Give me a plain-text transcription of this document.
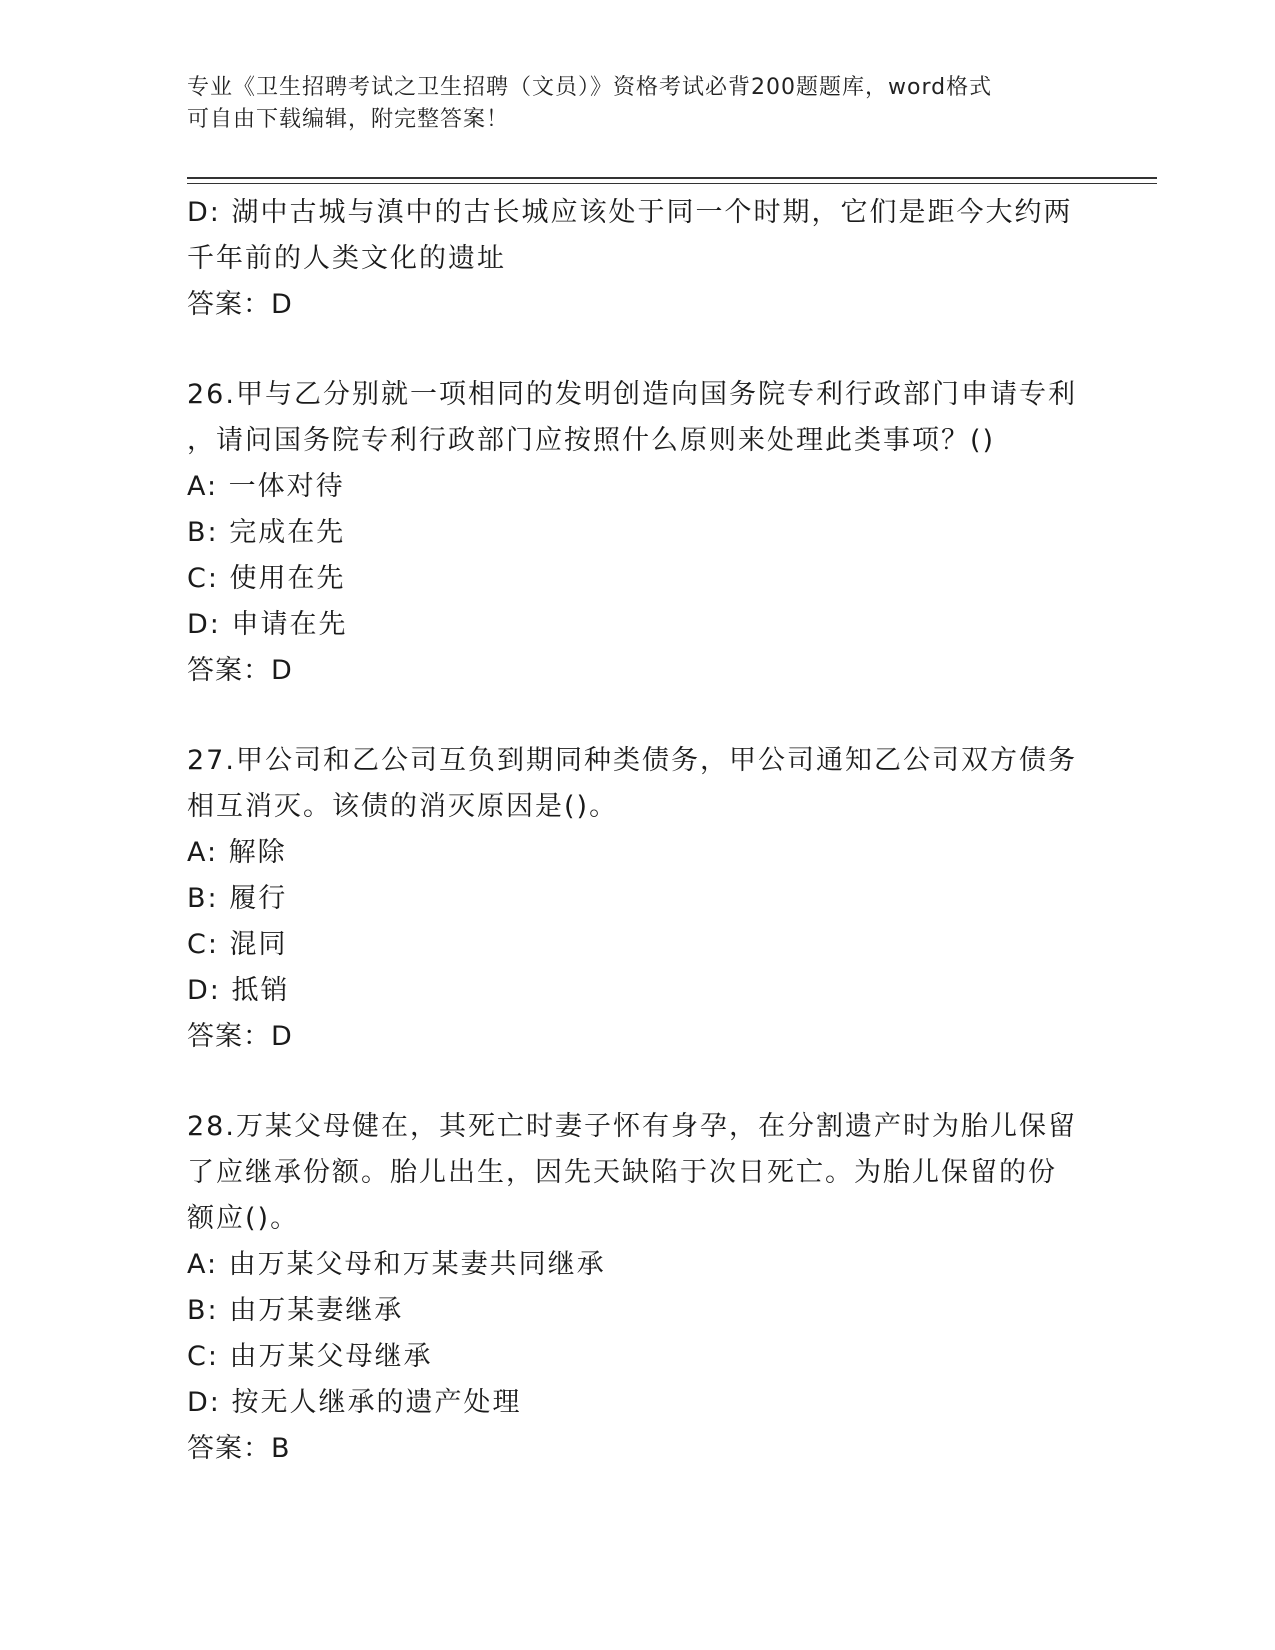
专业《卫生招聘考试之卫生招聘（文员）》资格考试必背200题题库，word格式
可自由下载编辑，附完整答案！
D: 湖中古城与滇中的古长城应该处于同一个时期，它们是距今大约两
千年前的人类文化的遗址
答案：D
26.甲与乙分别就一项相同的发明创造向国务院专利行政部门申请专利
，请问国务院专利行政部门应按照什么原则来处理此类事项？()
A: 一体对待
B: 完成在先
C: 使用在先
D: 申请在先
答案：D
27.甲公司和乙公司互负到期同种类债务，甲公司通知乙公司双方债务
相互消灭。该债的消灭原因是()。
A: 解除
B: 履行
C: 混同
D: 抵销
答案：D
28.万某父母健在，其死亡时妻子怀有身孕，在分割遗产时为胎儿保留
了应继承份额。胎儿出生，因先天缺陷于次日死亡。为胎儿保留的份
额应()。
A: 由万某父母和万某妻共同继承
B: 由万某妻继承
C: 由万某父母继承
D: 按无人继承的遗产处理
答案：B
